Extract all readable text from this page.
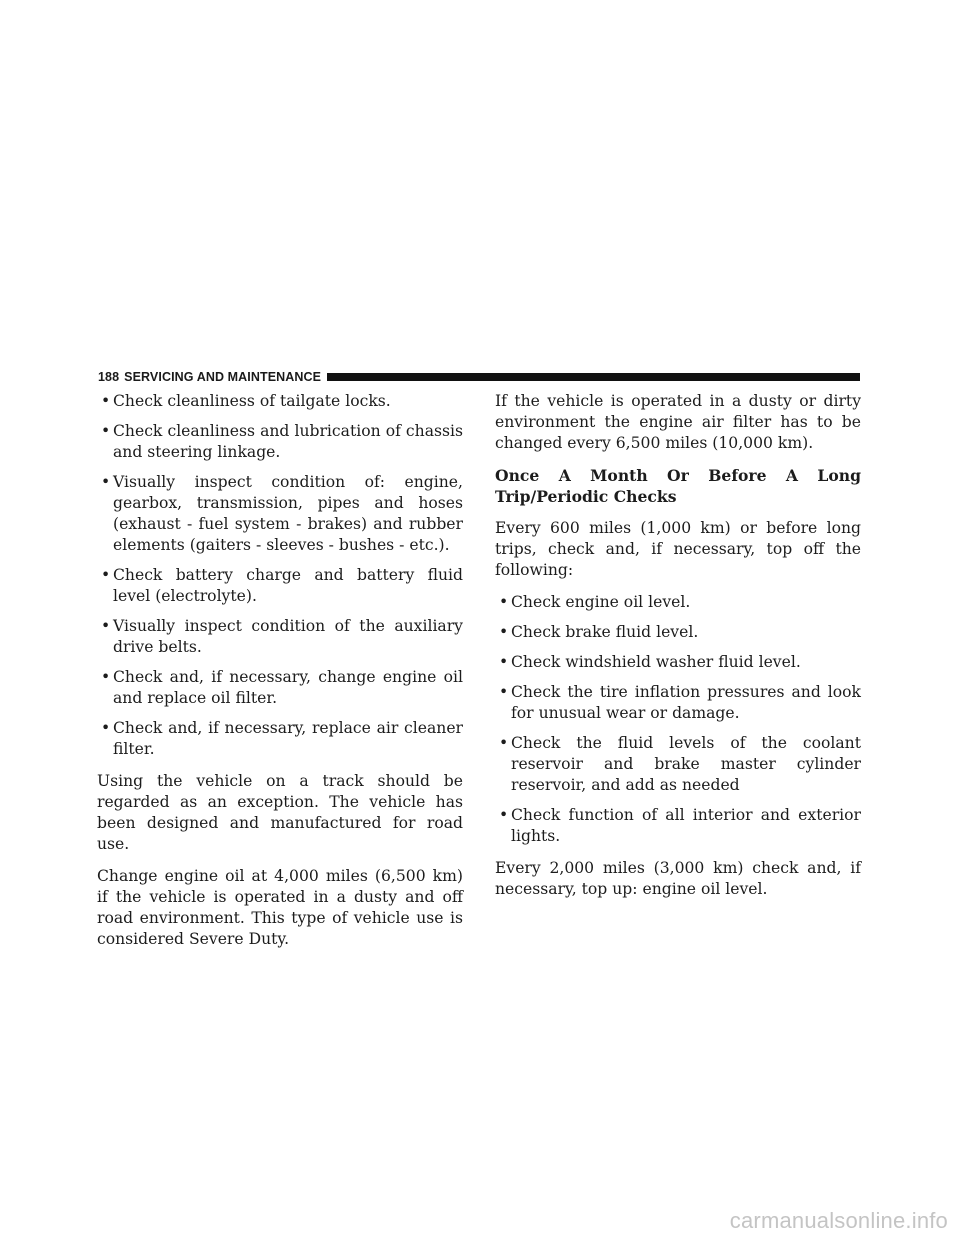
188 SERVICING AND MAINTENANCE
• Check cleanliness of tailgate locks.
• Check cleanliness and lubrication of chassis and steering linkage.
• Visually inspect condition of: engine, gearbox, transmission, pipes and hoses (exhaust - fuel system - brakes) and rubber elements (gaiters - sleeves - bushes - etc.).
• Check battery charge and battery fluid level (electrolyte).
• Visually inspect condition of the auxiliary drive belts.
• Check and, if necessary, change engine oil and replace oil filter.
• Check and, if necessary, replace air cleaner filter.

Using the vehicle on a track should be regarded as an exception. The vehicle has been designed and manufactured for road use.

Change engine oil at 4,000 miles (6,500 km) if the vehicle is operated in a dusty and off road environment. This type of vehicle use is considered Severe Duty.

If the vehicle is operated in a dusty or dirty environment the engine air filter has to be changed every 6,500 miles (10,000 km).

Once A Month Or Before A Long Trip/Periodic Checks

Every 600 miles (1,000 km) or before long trips, check and, if necessary, top off the following:

• Check engine oil level.
• Check brake fluid level.
• Check windshield washer fluid level.
• Check the tire inflation pressures and look for unusual wear or damage.
• Check the fluid levels of the coolant reservoir and brake master cylinder reservoir, and add as needed
• Check function of all interior and exterior lights.

Every 2,000 miles (3,000 km) check and, if necessary, top up: engine oil level.

carmanualsonline.info
